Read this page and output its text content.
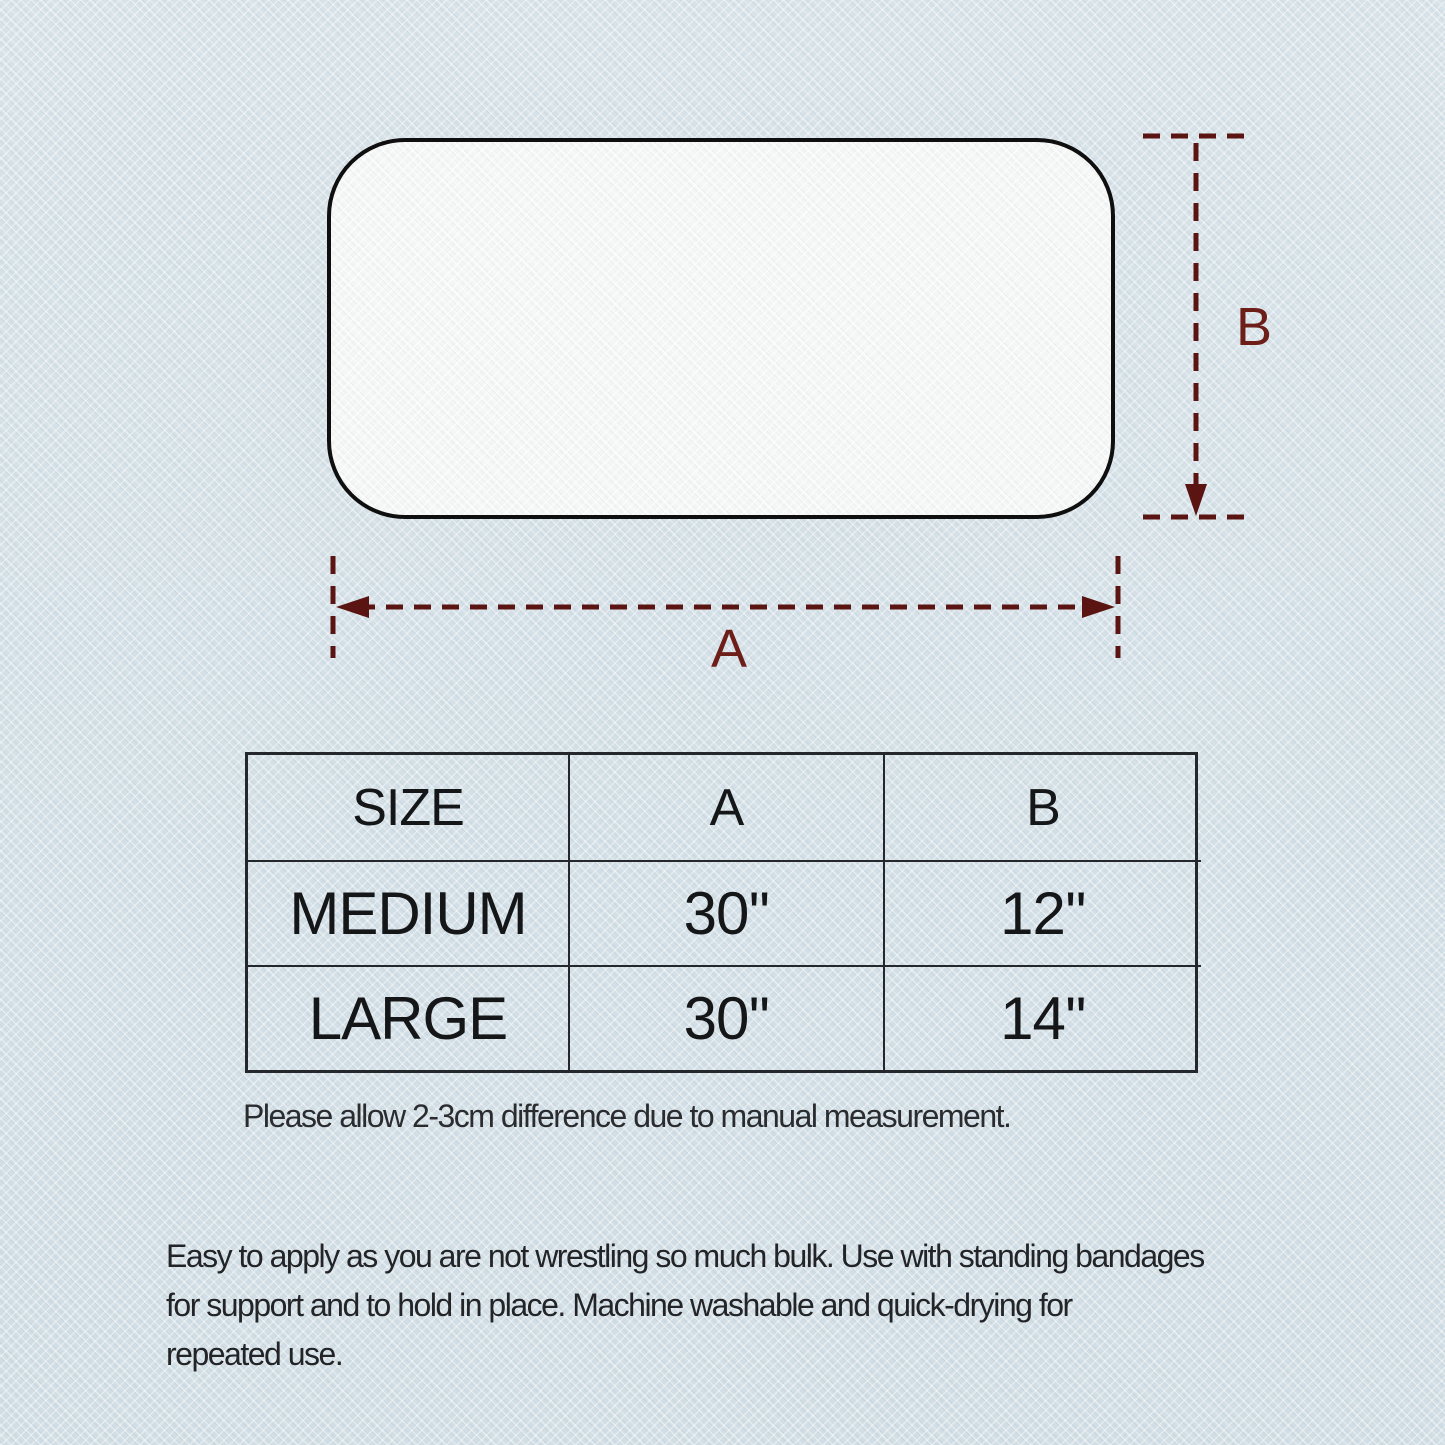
A
B
SIZE	A	B
MEDIUM	30''	12''
LARGE	30''	14''
Please allow 2-3cm difference due to manual measurement.
Easy to apply as you are not wrestling so much bulk. Use with standing bandages
for support and to hold in place. Machine washable and quick-drying for
repeated use.
